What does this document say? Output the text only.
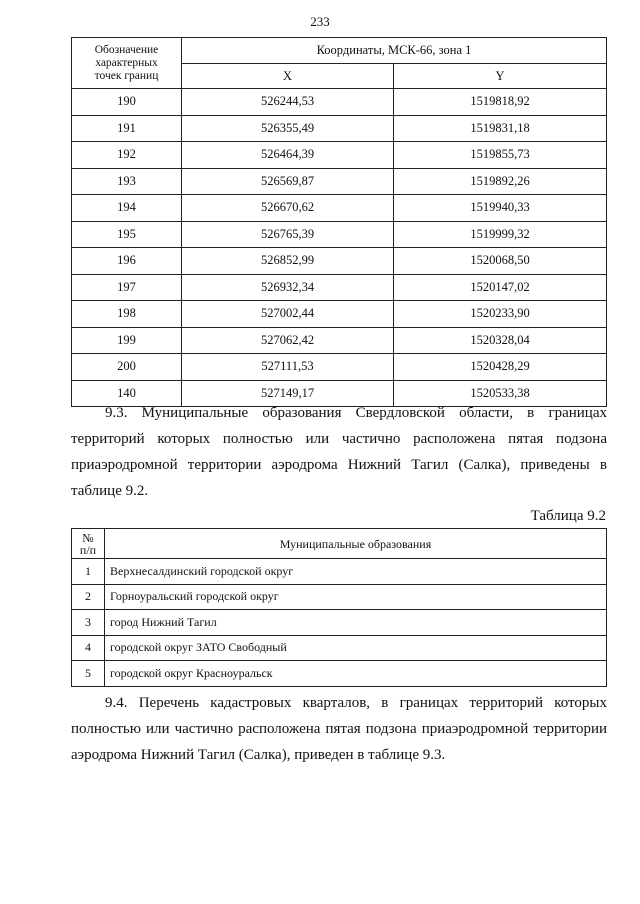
233
Обозначение
характерных
точек границ	Координаты, МСК-66, зона 1	
	X	Y
190	526244,53	1519818,92
191	526355,49	1519831,18
192	526464,39	1519855,73
193	526569,87	1519892,26
194	526670,62	1519940,33
195	526765,39	1519999,32
196	526852,99	1520068,50
197	526932,34	1520147,02
198	527002,44	1520233,90
199	527062,42	1520328,04
200	527111,53	1520428,29
140	527149,17	1520533,38

9.3. Муниципальные образования Свердловской области, в границах территорий которых полностью или частично расположена пятая подзона приаэродромной территории аэродрома Нижний Тагил (Салка), приведены в таблице 9.2.

Таблица 9.2
№
п/п	Муниципальные образования
1	Верхнесалдинский городской округ
2	Горноуральский городской округ
3	город Нижний Тагил
4	городской округ ЗАТО Свободный
5	городской округ Красноуральск

9.4. Перечень кадастровых кварталов, в границах территорий которых полностью или частично расположена пятая подзона приаэродромной территории аэродрома Нижний Тагил (Салка), приведен в таблице 9.3.
